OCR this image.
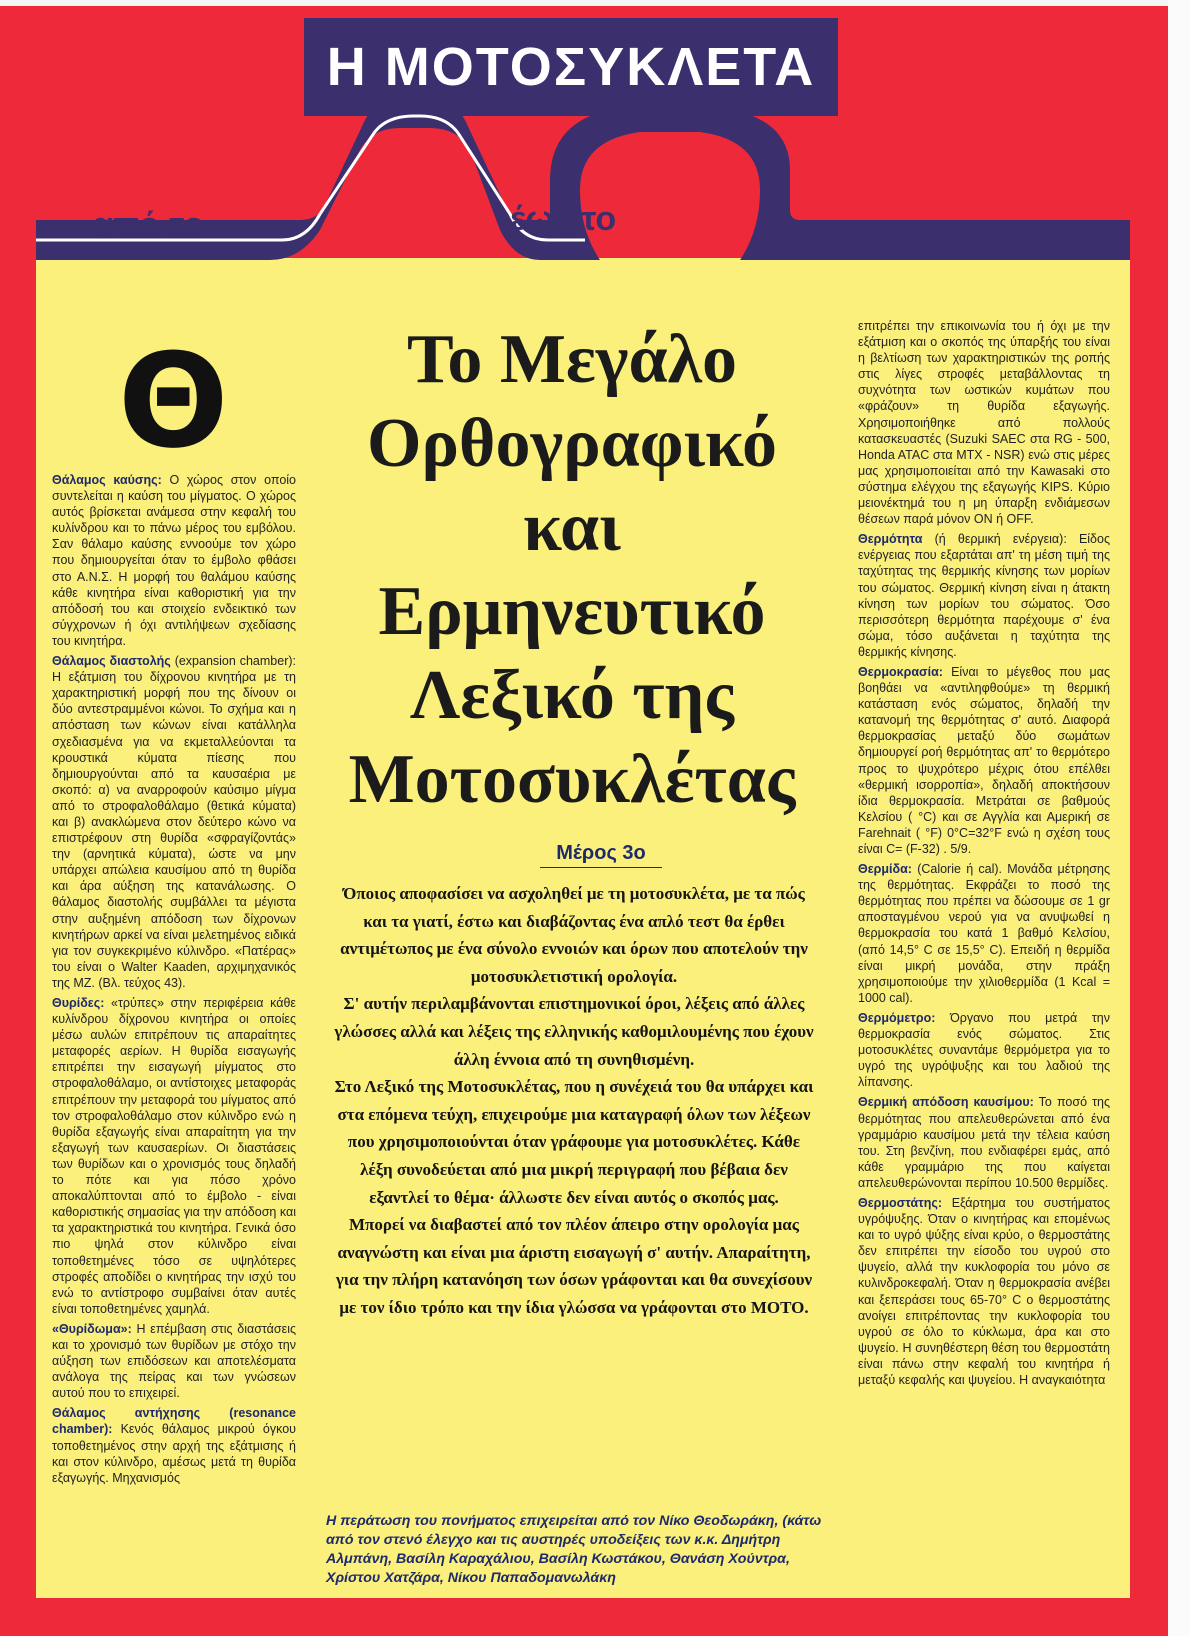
Η ΜΟΤΟΣΥΚΛΕΤΑ
από το	έως το
Θ

Θάλαμος καύσης: Ο χώρος στον οποίο συντελείται η καύση του μίγματος. Ο χώρος αυτός βρίσκεται ανάμεσα στην κεφαλή του κυλίνδρου και το πάνω μέρος του εμβόλου. Σαν θάλαμο καύσης εννοούμε τον χώρο που δημιουργείται όταν το έμβολο φθάσει στο Α.Ν.Σ. Η μορφή του θαλάμου καύσης κάθε κινητήρα είναι καθοριστική για την απόδοσή του και στοιχείο ενδεικτικό των σύγχρονων ή όχι αντιλήψεων σχεδίασης του κινητήρα.

Θάλαμος διαστολής (expansion chamber): Η εξάτμιση του δίχρονου κινητήρα με τη χαρακτηριστική μορφή που της δίνουν οι δύο αντεστραμμένοι κώνοι. Το σχήμα και η απόσταση των κώνων είναι κατάλληλα σχεδιασμένα για να εκμεταλλεύονται τα κρουστικά κύματα πίεσης που δημιουργούνται από τα καυσαέρια με σκοπό: α) να αναρροφούν καύσιμο μίγμα από το στροφαλοθάλαμο (θετικά κύματα) και β) ανακλώμενα στον δεύτερο κώνο να επιστρέφουν στη θυρίδα «σφραγίζοντάς» την (αρνητικά κύματα), ώστε να μην υπάρχει απώλεια καυσίμου από τη θυρίδα και άρα αύξηση της κατανάλωσης. Ο θάλαμος διαστολής συμβάλλει τα μέγιστα στην αυξημένη απόδοση των δίχρονων κινητήρων αρκεί να είναι μελετημένος ειδικά για τον συγκεκριμένο κύλινδρο. «Πατέρας» του είναι ο Walter Kaaden, αρχιμηχανικός της ΜΖ. (Βλ. τεύχος 43).

Θυρίδες: «τρύπες» στην περιφέρεια κάθε κυλίνδρου δίχρονου κινητήρα οι οποίες μέσω αυλών επιτρέπουν τις απαραίτητες μεταφορές αερίων. Η θυρίδα εισαγωγής επιτρέπει την εισαγωγή μίγματος στο στροφαλοθάλαμο, οι αντίστοιχες μεταφοράς επιτρέπουν την μεταφορά του μίγματος από τον στροφαλοθάλαμο στον κύλινδρο ενώ η θυρίδα εξαγωγής είναι απαραίτητη για την εξαγωγή των καυσαερίων. Οι διαστάσεις των θυρίδων και ο χρονισμός τους δηλαδή το πότε και για πόσο χρόνο αποκαλύπτονται από το έμβολο - είναι καθοριστικής σημασίας για την απόδοση και τα χαρακτηριστικά του κινητήρα. Γενικά όσο πιο ψηλά στον κύλινδρο είναι τοποθετημένες τόσο σε υψηλότερες στροφές αποδίδει ο κινητήρας την ισχύ του ενώ το αντίστροφο συμβαίνει όταν αυτές είναι τοποθετημένες χαμηλά.

«Θυρίδωμα»: Η επέμβαση στις διαστάσεις και το χρονισμό των θυρίδων με στόχο την αύξηση των επιδόσεων και αποτελέσματα ανάλογα της πείρας και των γνώσεων αυτού που το επιχειρεί.

Θάλαμος αντήχησης (resonance chamber): Κενός θάλαμος μικρού όγκου τοποθετημένος στην αρχή της εξάτμισης ή και στον κύλινδρο, αμέσως μετά τη θυρίδα εξαγωγής. Μηχανισμός

Το Μεγάλο
Ορθογραφικό
και
Ερμηνευτικό
Λεξικό της
Μοτοσυκλέτας
Μέρος 3ο

Όποιος αποφασίσει να ασχοληθεί με τη μοτοσυκλέτα, με τα πώς και τα γιατί, έστω και διαβάζοντας ένα απλό τεστ θα έρθει αντιμέτωπος με ένα σύνολο εννοιών και όρων που αποτελούν την μοτοσυκλετιστική ορολογία.

Σ' αυτήν περιλαμβάνονται επιστημονικοί όροι, λέξεις από άλλες γλώσσες αλλά και λέξεις της ελληνικής καθομιλουμένης που έχουν άλλη έννοια από τη συνηθισμένη.

Στο Λεξικό της Μοτοσυκλέτας, που η συνέχειά του θα υπάρχει και στα επόμενα τεύχη, επιχειρούμε μια καταγραφή όλων των λέξεων που χρησιμοποιούνται όταν γράφουμε για μοτοσυκλέτες. Κάθε λέξη συνοδεύεται από μια μικρή περιγραφή που βέβαια δεν εξαντλεί το θέμα· άλλωστε δεν είναι αυτός ο σκοπός μας.

Μπορεί να διαβαστεί από τον πλέον άπειρο στην ορολογία μας αναγνώστη και είναι μια άριστη εισαγωγή σ' αυτήν. Απαραίτητη, για την πλήρη κατανόηση των όσων γράφονται και θα συνεχίσουν με τον ίδιο τρόπο και την ίδια γλώσσα να γράφονται στο ΜΟΤΟ.

Η περάτωση του πονήματος επιχειρείται από τον Νίκο Θεοδωράκη, (κάτω από τον στενό έλεγχο και τις αυστηρές υποδείξεις των κ.κ. Δημήτρη Αλμπάνη, Βασίλη Καραχάλιου, Βασίλη Κωστάκου, Θανάση Χούντρα, Χρίστου Χατζάρα, Νίκου Παπαδομανωλάκη

επιτρέπει την επικοινωνία του ή όχι με την εξάτμιση και ο σκοπός της ύπαρξής του είναι η βελτίωση των χαρακτηριστικών της ροπής στις λίγες στροφές μεταβάλλοντας τη συχνότητα των ωστικών κυμάτων που «φράζουν» τη θυρίδα εξαγωγής. Χρησιμοποιήθηκε από πολλούς κατασκευαστές (Suzuki SAEC στα RG - 500, Honda ATAC στα MTX - NSR) ενώ στις μέρες μας χρησιμοποιείται από την Kawasaki στο σύστημα ελέγχου της εξαγωγής KIPS. Κύριο μειονέκτημά του η μη ύπαρξη ενδιάμεσων θέσεων παρά μόνον ON ή OFF.

Θερμότητα (ή θερμική ενέργεια): Είδος ενέργειας που εξαρτάται απ' τη μέση τιμή της ταχύτητας της θερμικής κίνησης των μορίων του σώματος. Θερμική κίνηση είναι η άτακτη κίνηση των μορίων του σώματος. Όσο περισσότερη θερμότητα παρέχουμε σ' ένα σώμα, τόσο αυξάνεται η ταχύτητα της θερμικής κίνησης.

Θερμοκρασία: Είναι το μέγεθος που μας βοηθάει να «αντιληφθούμε» τη θερμική κατάσταση ενός σώματος, δηλαδή την κατανομή της θερμότητας σ' αυτό. Διαφορά θερμοκρασίας μεταξύ δύο σωμάτων δημιουργεί ροή θερμότητας απ' το θερμότερο προς το ψυχρότερο μέχρις ότου επέλθει «θερμική ισορροπία», δηλαδή αποκτήσουν ίδια θερμοκρασία. Μετράται σε βαθμούς Κελσίου ( °C) και σε Αγγλία και Αμερική σε Farehnait ( °F) 0°C=32°F ενώ η σχέση τους είναι C= (F-32) . 5/9.

Θερμίδα: (Calorie ή cal). Μονάδα μέτρησης της θερμότητας. Εκφράζει το ποσό της θερμότητας που πρέπει να δώσουμε σε 1 gr αποσταγμένου νερού για να ανυψωθεί η θερμοκρασία του κατά 1 βαθμό Κελσίου, (από 14,5° C σε 15,5° C). Επειδή η θερμίδα είναι μικρή μονάδα, στην πράξη χρησιμοποιούμε την χιλιοθερμίδα (1 Kcal = 1000 cal).

Θερμόμετρο: Όργανο που μετρά την θερμοκρασία ενός σώματος. Στις μοτοσυκλέτες συναντάμε θερμόμετρα για το υγρό της υγρόψυξης και του λαδιού της λίπανσης.

Θερμική απόδοση καυσίμου: Το ποσό της θερμότητας που απελευθερώνεται από ένα γραμμάριο καυσίμου μετά την τέλεια καύση του. Στη βενζίνη, που ενδιαφέρει εμάς, από κάθε γραμμάριο της που καίγεται απελευθερώνονται περίπου 10.500 θερμίδες.

Θερμοστάτης: Εξάρτημα του συστήματος υγρόψυξης. Όταν ο κινητήρας και επομένως και το υγρό ψύξης είναι κρύο, ο θερμοστάτης δεν επιτρέπει την είσοδο του υγρού στο ψυγείο, αλλά την κυκλοφορία του μόνο σε κυλινδροκεφαλή. Όταν η θερμοκρασία ανέβει και ξεπεράσει τους 65-70° C ο θερμοστάτης ανοίγει επιτρέποντας την κυκλοφορία του υγρού σε όλο το κύκλωμα, άρα και στο ψυγείο. Η συνηθέστερη θέση του θερμοστάτη είναι πάνω στην κεφαλή του κινητήρα ή μεταξύ κεφαλής και ψυγείου. Η αναγκαιότητα
